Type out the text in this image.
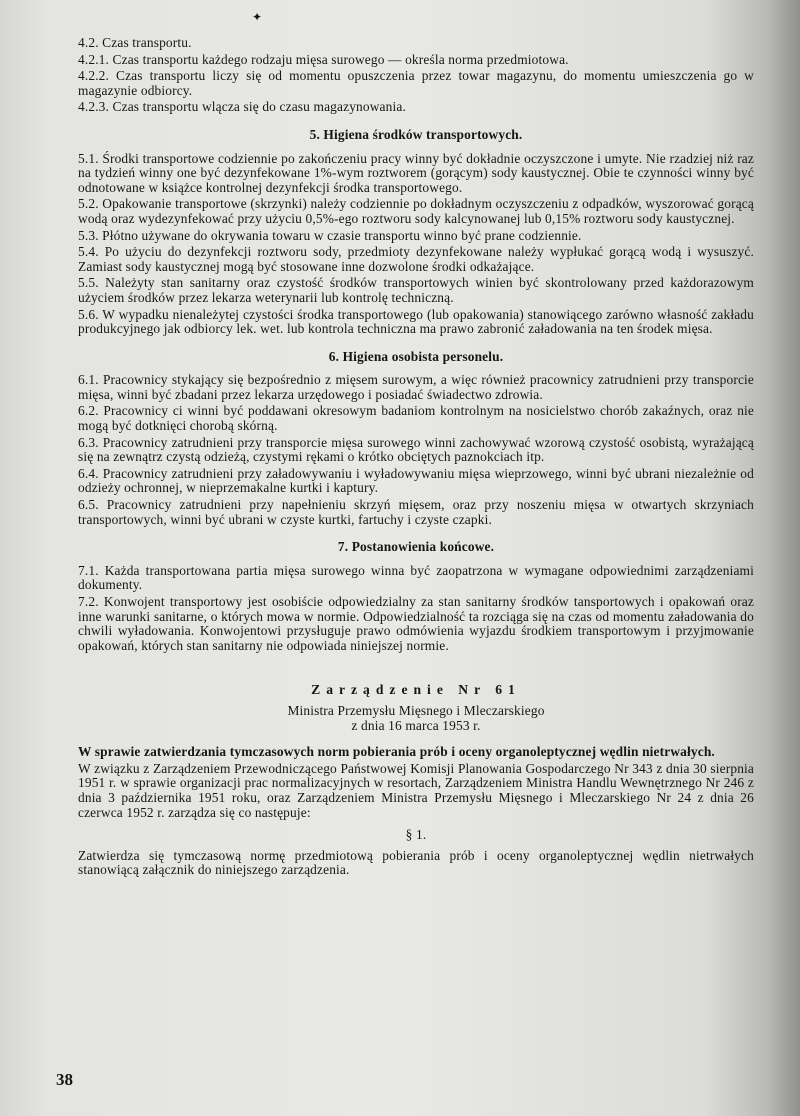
✦

4.2. Czas transportu.

4.2.1. Czas transportu każdego rodzaju mięsa surowego — określa norma przedmiotowa.

4.2.2. Czas transportu liczy się od momentu opuszczenia przez towar magazynu, do momentu umieszczenia go w magazynie odbiorcy.

4.2.3. Czas transportu wlącza się do czasu magazynowania.

5. Higiena środków transportowych.

5.1. Środki transportowe codziennie po zakończeniu pracy winny być dokładnie oczyszczone i umyte. Nie rzadziej niż raz na tydzień winny one być dezynfekowane 1%-wym roztworem (gorącym) sody kaustycznej. Obie te czynności winny być odnotowane w książce kontrolnej dezynfekcji środka transportowego.

5.2. Opakowanie transportowe (skrzynki) należy codziennie po dokładnym oczyszczeniu z odpadków, wyszorować gorącą wodą oraz wydezynfekować przy użyciu 0,5%-ego roztworu sody kalcynowanej lub 0,15% roztworu sody kaustycznej.

5.3. Płótno używane do okrywania towaru w czasie transportu winno być prane codziennie.

5.4. Po użyciu do dezynfekcji roztworu sody, przedmioty dezynfekowane należy wypłukać gorącą wodą i wysuszyć. Zamiast sody kaustycznej mogą być stosowane inne dozwolone środki odkażające.

5.5. Należyty stan sanitarny oraz czystość środków transportowych winien być skontrolowany przed każdorazowym użyciem środków przez lekarza weterynarii lub kontrolę techniczną.

5.6. W wypadku nienależytej czystości środka transportowego (lub opakowania) stanowiącego zarówno własność zakładu produkcyjnego jak odbiorcy lek. wet. lub kontrola techniczna ma prawo zabronić załadowania na ten środek mięsa.

6. Higiena osobista personelu.

6.1. Pracownicy stykający się bezpośrednio z mięsem surowym, a więc również pracownicy zatrudnieni przy transporcie mięsa, winni być zbadani przez lekarza urzędowego i posiadać świadectwo zdrowia.

6.2. Pracownicy ci winni być poddawani okresowym badaniom kontrolnym na nosicielstwo chorób zakaźnych, oraz nie mogą być dotknięci chorobą skórną.

6.3. Pracownicy zatrudnieni przy transporcie mięsa surowego winni zachowywać wzorową czystość osobistą, wyrażającą się na zewnątrz czystą odzieżą, czystymi rękami o krótko obciętych paznokciach itp.

6.4. Pracownicy zatrudnieni przy załadowywaniu i wyładowywaniu mięsa wieprzowego, winni być ubrani niezależnie od odzieży ochronnej, w nieprzemakalne kurtki i kaptury.

6.5. Pracownicy zatrudnieni przy napełnieniu skrzyń mięsem, oraz przy noszeniu mięsa w otwartych skrzyniach transportowych, winni być ubrani w czyste kurtki, fartuchy i czyste czapki.

7. Postanowienia końcowe.

7.1. Każda transportowana partia mięsa surowego winna być zaopatrzona w wymagane odpowiednimi zarządzeniami dokumenty.

7.2. Konwojent transportowy jest osobiście odpowiedzialny za stan sanitarny środków tansportowych i opakowań oraz inne warunki sanitarne, o których mowa w normie. Odpowiedzialność ta rozciąga się na czas od momentu załadowania do chwili wyładowania. Konwojentowi przysługuje prawo odmówienia wyjazdu środkiem transportowym i przyjmowanie opakowań, których stan sanitarny nie odpowiada niniejszej normie.

Zarządzenie Nr 61

Ministra Przemysłu Mięsnego i Mleczarskiego

z dnia 16 marca 1953 r.

W sprawie zatwierdzania tymczasowych norm pobierania prób i oceny organoleptycznej wędlin nietrwałych.

W związku z Zarządzeniem Przewodniczącego Państwowej Komisji Planowania Gospodarczego Nr 343 z dnia 30 sierpnia 1951 r. w sprawie organizacji prac normalizacyjnych w resortach, Zarządzeniem Ministra Handlu Wewnętrznego Nr 246 z dnia 3 października 1951 roku, oraz Zarządzeniem Ministra Przemysłu Mięsnego i Mleczarskiego Nr 24 z dnia 26 czerwca 1952 r. zarządza się co następuje:

§ 1.

Zatwierdza się tymczasową normę przedmiotową pobierania prób i oceny organoleptycznej wędlin nietrwałych stanowiącą załącznik do niniejszego zarządzenia.

38
